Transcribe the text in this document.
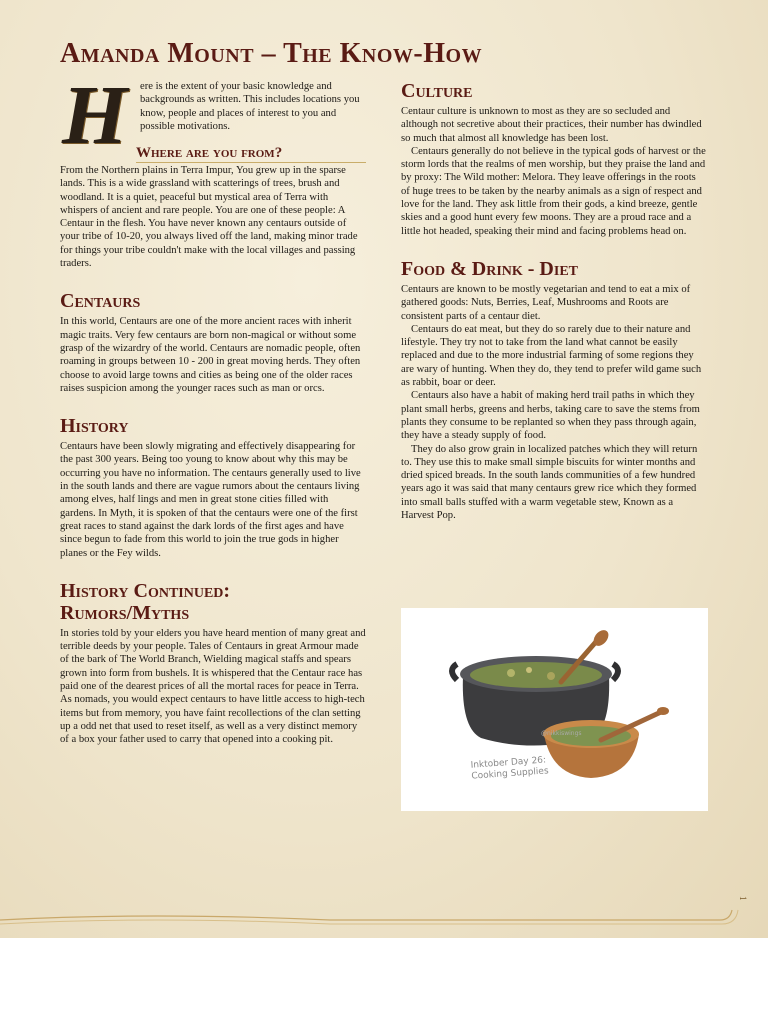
Amanda Mount – The Know-How
H ere is the extent of your basic knowledge and backgrounds as written. This includes locations you know, people and places of interest to you and possible motivations.

Where are you from?

From the Northern plains in Terra Impur, You grew up in the sparse lands. This is a wide grassland with scatterings of trees, brush and woodland. It is a quiet, peaceful but mystical area of Terra with whispers of ancient and rare people. You are one of these people: A Centaur in the flesh. You have never known any centaurs outside of your tribe of 10-20, you always lived off the land, making minor trade for things your tribe couldn't make with the local villages and passing traders.

Centaurs

In this world, Centaurs are one of the more ancient races with inherit magic traits. Very few centaurs are born non-magical or without some grasp of the wizardry of the world. Centaurs are nomadic people, often roaming in groups between 10 - 200 in great moving herds. They often choose to avoid large towns and cities as being one of the older races raises suspicion among the younger races such as man or orcs.

History

Centaurs have been slowly migrating and effectively disappearing for the past 300 years. Being too young to know about why this may be occurring you have no information. The centaurs generally used to live in the south lands and there are vague rumors about the centaurs living among elves, half lings and men in great stone cities filled with gardens. In Myth, it is spoken of that the centaurs were one of the first great races to stand against the dark lords of the first ages and have since begun to fade from this world to join the true gods in higher planes or the Fey wilds.

History Continued:
Rumors/Myths

In stories told by your elders you have heard mention of many great and terrible deeds by your people. Tales of Centaurs in great Armour made of the bark of The World Branch, Wielding magical staffs and spears grown into form from bushels. It is whispered that the Centaur race has paid one of the dearest prices of all the mortal races for peace in Terra. As nomads, you would expect centaurs to have little access to high-tech items but from memory, you have faint recollections of the clan setting up a odd net that used to reset itself, as well as a very distinct memory of a box your father used to carry that opened into a cooking pit.

Culture

Centaur culture is unknown to most as they are so secluded and although not secretive about their practices, their number has dwindled so much that almost all knowledge has been lost.

Centaurs generally do not believe in the typical gods of harvest or the storm lords that the realms of men worship, but they praise the land and by proxy: The Wild mother: Melora. They leave offerings in the roots of huge trees to be taken by the nearby animals as a sign of respect and love for the land. They ask little from their gods, a kind breeze, gentle skies and a good hunt every few moons. They are a proud race and a little hot headed, speaking their mind and facing problems head on.

Food & Drink - Diet

Centaurs are known to be mostly vegetarian and tend to eat a mix of gathered goods: Nuts, Berries, Leaf, Mushrooms and Roots are consistent parts of a centaur diet.

Centaurs do eat meat, but they do so rarely due to their nature and lifestyle. They try not to take from the land what cannot be easily replaced and due to the more industrial farming of some regions they are wary of hunting. When they do, they tend to prefer wild game such as rabbit, boar or deer.

Centaurs also have a habit of making herd trail paths in which they plant small herbs, greens and herbs, taking care to save the stems from plants they consume to be replanted so when they pass through again, they have a steady supply of food.

They do also grow grain in localized patches which they will return to. They use this to make small simple biscuits for winter months and dried spiced breads. In the south lands communities of a few hundred years ago it was said that many centaurs grew rice which they formed into small balls stuffed with a warm vegetable stew, Known as a Harvest Pop.

Inktober Day 26:
Cooking Supplies
@nikkiswings
1
